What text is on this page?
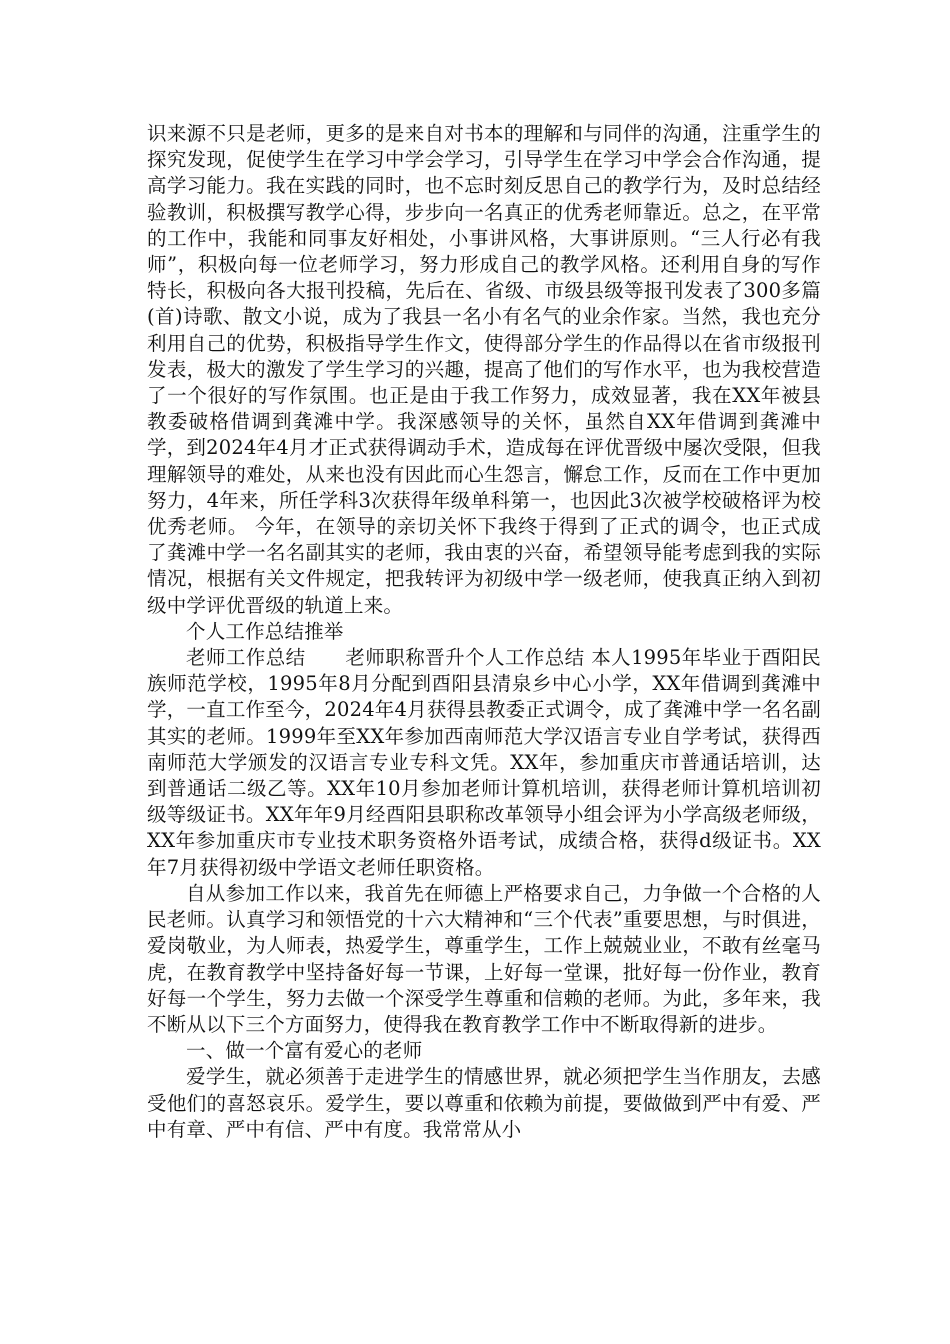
识来源不只是老师，更多的是来自对书本的理解和与同伴的沟通，注重学生的探究发现，促使学生在学习中学会学习，引导学生在学习中学会合作沟通，提高学习能力。我在实践的同时，也不忘时刻反思自己的教学行为，及时总结经验教训，积极撰写教学心得，步步向一名真正的优秀老师靠近。总之，在平常的工作中，我能和同事友好相处，小事讲风格，大事讲原则。“三人行必有我师”，积极向每一位老师学习，努力形成自己的教学风格。还利用自身的写作特长，积极向各大报刊投稿，先后在、省级、市级县级等报刊发表了300多篇(首)诗歌、散文小说，成为了我县一名小有名气的业余作家。当然，我也充分利用自己的优势，积极指导学生作文，使得部分学生的作品得以在省市级报刊发表，极大的激发了学生学习的兴趣，提高了他们的写作水平，也为我校营造了一个很好的写作氛围。也正是由于我工作努力，成效显著，我在XX年被县教委破格借调到龚滩中学。我深感领导的关怀，虽然自XX年借调到龚滩中学，到2024年4月才正式获得调动手术，造成每在评优晋级中屡次受限，但我理解领导的难处，从来也没有因此而心生怨言，懈怠工作，反而在工作中更加努力，4年来，所任学科3次获得年级单科第一，也因此3次被学校破格评为校优秀老师。 今年，在领导的亲切关怀下我终于得到了正式的调令，也正式成了龚滩中学一名名副其实的老师，我由衷的兴奋，希望领导能考虑到我的实际情况，根据有关文件规定，把我转评为初级中学一级老师，使我真正纳入到初级中学评优晋级的轨道上来。

个人工作总结推举

老师工作总结　　老师职称晋升个人工作总结 本人1995年毕业于酉阳民族师范学校，1995年8月分配到酉阳县清泉乡中心小学，XX年借调到龚滩中学，一直工作至今，2024年4月获得县教委正式调令，成了龚滩中学一名名副其实的老师。1999年至XX年参加西南师范大学汉语言专业自学考试，获得西南师范大学颁发的汉语言专业专科文凭。XX年，参加重庆市普通话培训，达到普通话二级乙等。XX年10月参加老师计算机培训，获得老师计算机培训初级等级证书。XX年年9月经酉阳县职称改革领导小组会评为小学高级老师级，XX年参加重庆市专业技术职务资格外语考试，成绩合格，获得d级证书。XX年7月获得初级中学语文老师任职资格。

自从参加工作以来，我首先在师德上严格要求自己，力争做一个合格的人民老师。认真学习和领悟党的十六大精神和“三个代表”重要思想，与时俱进，爱岗敬业，为人师表，热爱学生，尊重学生，工作上兢兢业业，不敢有丝毫马虎，在教育教学中坚持备好每一节课，上好每一堂课，批好每一份作业，教育好每一个学生，努力去做一个深受学生尊重和信赖的老师。为此，多年来，我不断从以下三个方面努力，使得我在教育教学工作中不断取得新的进步。

一、做一个富有爱心的老师

爱学生，就必须善于走进学生的情感世界，就必须把学生当作朋友，去感受他们的喜怒哀乐。爱学生，要以尊重和依赖为前提，要做做到严中有爱、严中有章、严中有信、严中有度。我常常从小
